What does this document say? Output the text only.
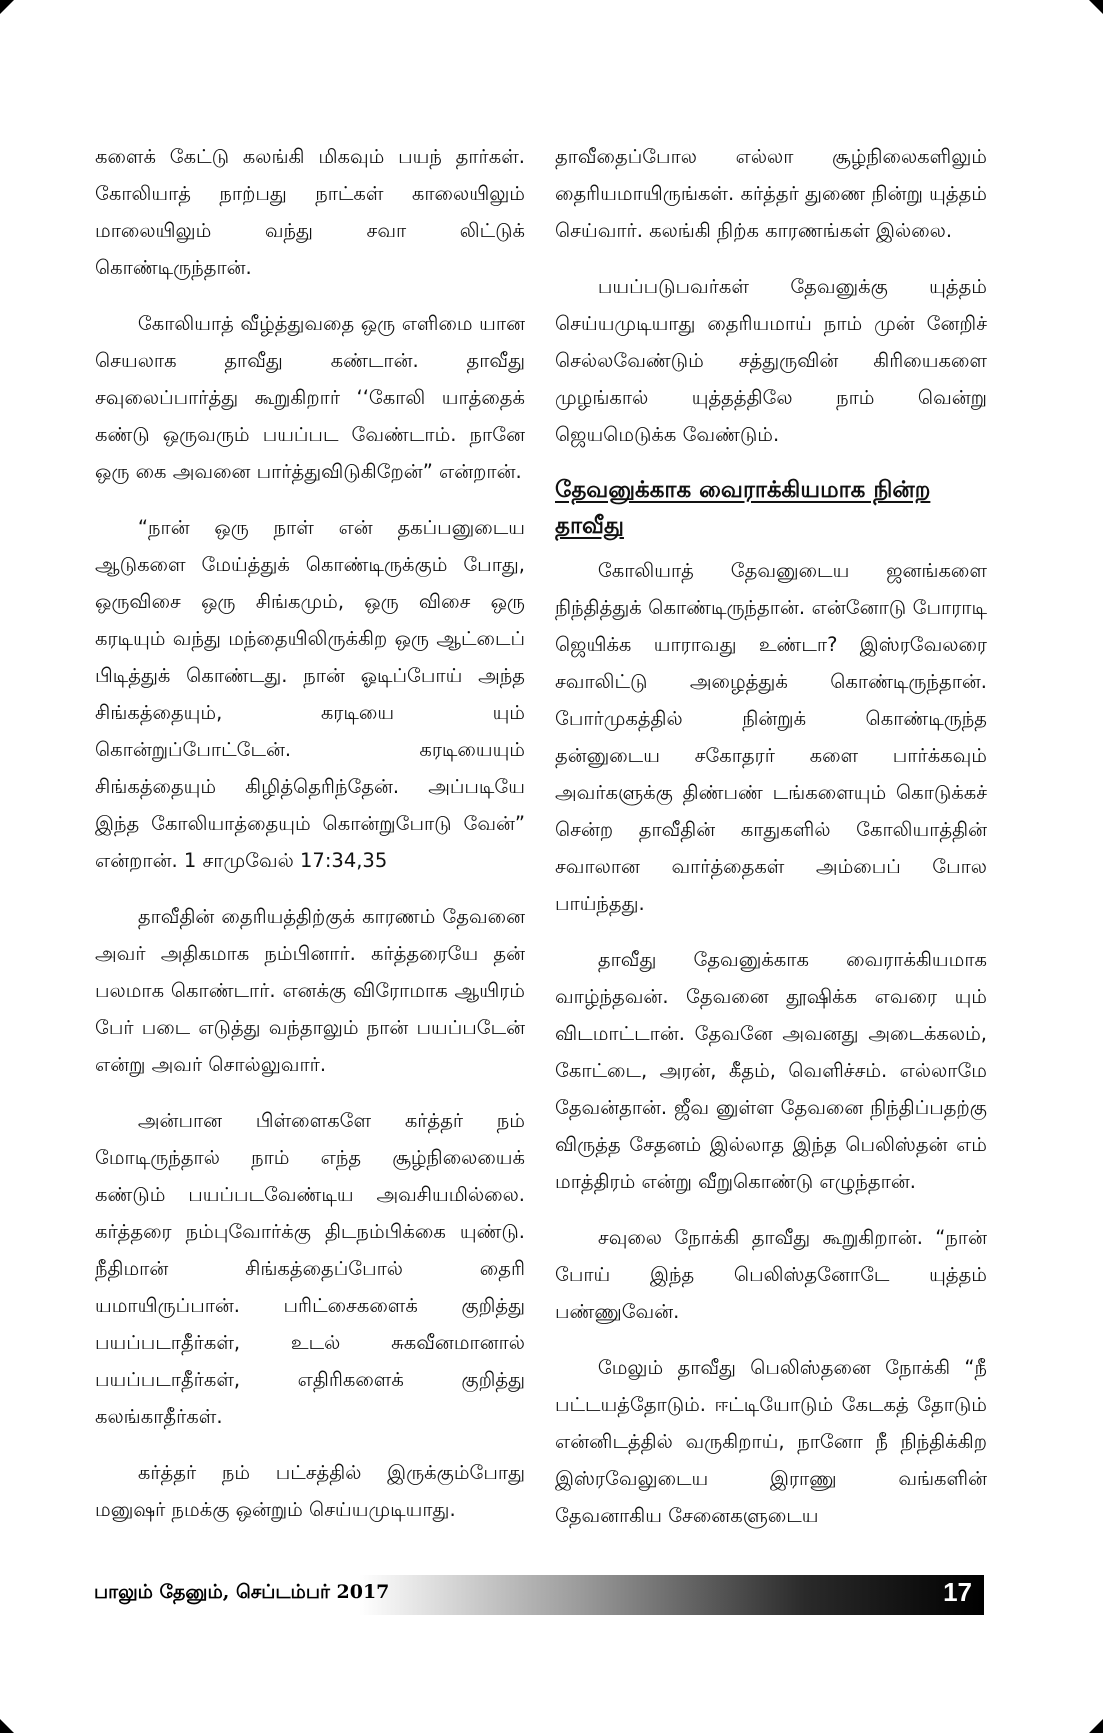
களைக் கேட்டு கலங்கி மிகவும் பயந் தார்கள். கோலியாத் நாற்பது நாட்கள் காலையிலும் மாலையிலும் வந்து சவா லிட்டுக் கொண்டிருந்தான்.

கோலியாத் வீழ்த்துவதை ஒரு எளிமை யான செயலாக தாவீது கண்டான். தாவீது சவுலைப்பார்த்து கூறுகிறார் ‘‘கோலி யாத்தைக் கண்டு ஒருவரும் பயப்பட வேண்டாம். நானே ஒரு கை அவனை பார்த்துவிடுகிறேன்” என்றான்.

“நான் ஒரு நாள் என் தகப்பனுடைய ஆடுகளை மேய்த்துக் கொண்டிருக்கும் போது, ஒருவிசை ஒரு சிங்கமும், ஒரு விசை ஒரு கரடியும் வந்து மந்தையிலிருக்கிற ஒரு ஆட்டைப் பிடித்துக் கொண்டது. நான் ஓடிப்போய் அந்த சிங்கத்தையும், கரடியை யும் கொன்றுப்போட்டேன். கரடியையும் சிங்கத்தையும் கிழித்தெரிந்தேன். அப்படியே இந்த கோலியாத்தையும் கொன்றுபோடு வேன்” என்றான். 1 சாமுவேல் 17:34,35

தாவீதின் தைரியத்திற்குக் காரணம் தேவனை அவர் அதிகமாக நம்பினார். கர்த்தரையே தன் பலமாக கொண்டார். எனக்கு விரோமாக ஆயிரம் பேர் படை எடுத்து வந்தாலும் நான் பயப்படேன் என்று அவர் சொல்லுவார்.

அன்பான பிள்ளைகளே கர்த்தர் நம் மோடிருந்தால் நாம் எந்த சூழ்நிலையைக் கண்டும் பயப்படவேண்டிய அவசியமில்லை. கர்த்தரை நம்புவோர்க்கு திடநம்பிக்கை யுண்டு. நீதிமான் சிங்கத்தைப்போல் தைரி யமாயிருப்பான். பரிட்சைகளைக் குறித்து பயப்படாதீர்கள், உடல் சுகவீனமானால் பயப்படாதீர்கள், எதிரிகளைக் குறித்து கலங்காதீர்கள்.

கர்த்தர் நம் பட்சத்தில் இருக்கும்போது மனுஷர் நமக்கு ஒன்றும் செய்யமுடியாது.

தாவீதைப்போல எல்லா சூழ்நிலைகளிலும் தைரியமாயிருங்கள். கர்த்தர் துணை நின்று யுத்தம் செய்வார். கலங்கி நிற்க காரணங்கள் இல்லை.

பயப்படுபவர்கள் தேவனுக்கு யுத்தம் செய்யமுடியாது தைரியமாய் நாம் முன் னேறிச் செல்லவேண்டும் சத்துருவின் கிரியைகளை முழங்கால் யுத்தத்திலே நாம் வென்று ஜெயமெடுக்க வேண்டும்.

தேவனுக்காக வைராக்கியமாக நின்ற தாவீது

கோலியாத் தேவனுடைய ஜனங்களை நிந்தித்துக் கொண்டிருந்தான். என்னோடு போராடி ஜெயிக்க யாராவது உண்டா? இஸ்ரவேலரை சவாலிட்டு அழைத்துக் கொண்டிருந்தான். போர்முகத்தில் நின்றுக் கொண்டிருந்த தன்னுடைய சகோதரர் களை பார்க்கவும் அவர்களுக்கு திண்பண் டங்களையும் கொடுக்கச் சென்ற தாவீதின் காதுகளில் கோலியாத்தின் சவாலான வார்த்தைகள் அம்பைப் போல பாய்ந்தது.

தாவீது தேவனுக்காக வைராக்கியமாக வாழ்ந்தவன். தேவனை தூஷிக்க எவரை யும் விடமாட்டான். தேவனே அவனது அடைக்கலம், கோட்டை, அரன், கீதம், வெளிச்சம். எல்லாமே தேவன்தான். ஜீவ னுள்ள தேவனை நிந்திப்பதற்கு விருத்த சேதனம் இல்லாத இந்த பெலிஸ்தன் எம் மாத்திரம் என்று வீறுகொண்டு எழுந்தான்.

சவுலை நோக்கி தாவீது கூறுகிறான். “நான் போய் இந்த பெலிஸ்தனோடே யுத்தம் பண்ணுவேன்.

மேலும் தாவீது பெலிஸ்தனை நோக்கி “நீ பட்டயத்தோடும். ஈட்டியோடும் கேடகத் தோடும் என்னிடத்தில் வருகிறாய், நானோ நீ நிந்திக்கிற இஸ்ரவேலுடைய இராணு வங்களின் தேவனாகிய சேனைகளுடைய

பாலும் தேனும், செப்டம்பர் 2017	17
